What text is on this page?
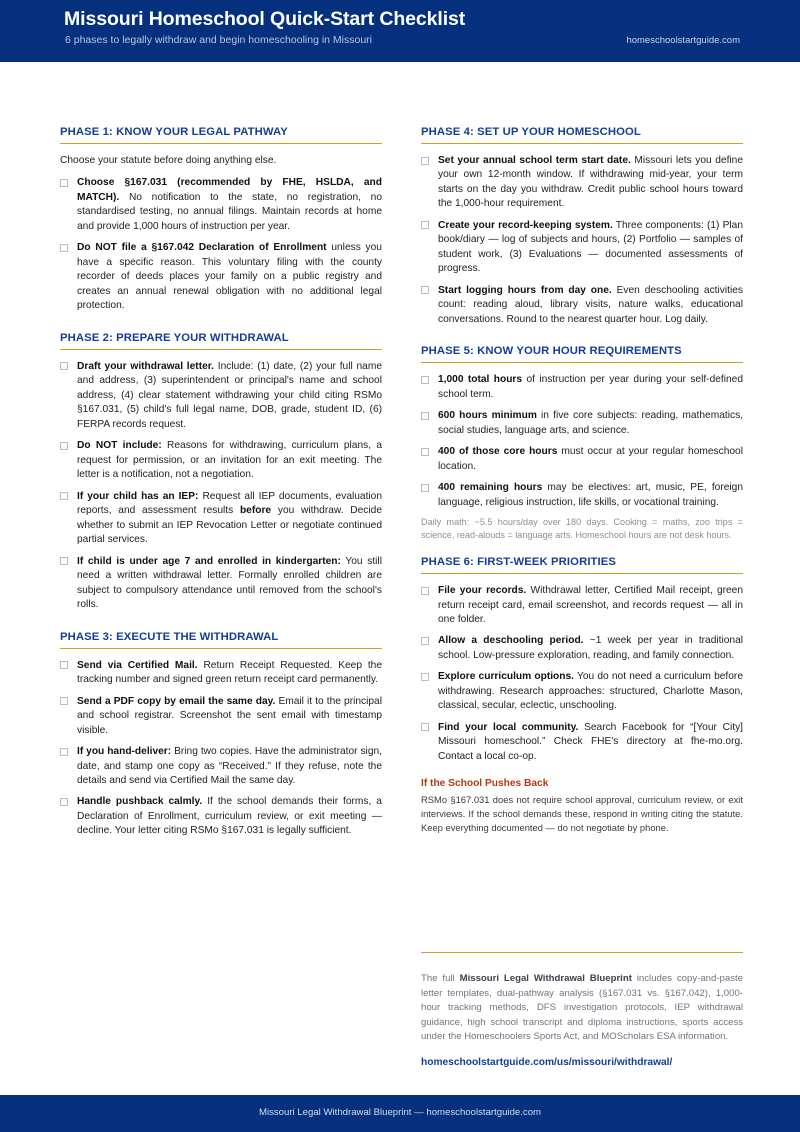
Missouri Homeschool Quick-Start Checklist
6 phases to legally withdraw and begin homeschooling in Missouri	homeschoolstartguide.com
PHASE 1: KNOW YOUR LEGAL PATHWAY

Choose your statute before doing anything else.

Choose §167.031 (recommended by FHE, HSLDA, and MATCH). No notification to the state, no registration, no standardised testing, no annual filings. Maintain records at home and provide 1,000 hours of instruction per year.
Do NOT file a §167.042 Declaration of Enrollment unless you have a specific reason. This voluntary filing with the county recorder of deeds places your family on a public registry and creates an annual renewal obligation with no additional legal protection.
PHASE 2: PREPARE YOUR WITHDRAWAL
Draft your withdrawal letter. Include: (1) date, (2) your full name and address, (3) superintendent or principal's name and school address, (4) clear statement withdrawing your child citing RSMo §167.031, (5) child's full legal name, DOB, grade, student ID, (6) FERPA records request.
Do NOT include: Reasons for withdrawing, curriculum plans, a request for permission, or an invitation for an exit meeting. The letter is a notification, not a negotiation.
If your child has an IEP: Request all IEP documents, evaluation reports, and assessment results before you withdraw. Decide whether to submit an IEP Revocation Letter or negotiate continued partial services.
If child is under age 7 and enrolled in kindergarten: You still need a written withdrawal letter. Formally enrolled children are subject to compulsory attendance until removed from the school's rolls.
PHASE 3: EXECUTE THE WITHDRAWAL
Send via Certified Mail. Return Receipt Requested. Keep the tracking number and signed green return receipt card permanently.
Send a PDF copy by email the same day. Email it to the principal and school registrar. Screenshot the sent email with timestamp visible.
If you hand-deliver: Bring two copies. Have the administrator sign, date, and stamp one copy as “Received.” If they refuse, note the details and send via Certified Mail the same day.
Handle pushback calmly. If the school demands their forms, a Declaration of Enrollment, curriculum review, or exit meeting — decline. Your letter citing RSMo §167.031 is legally sufficient.
PHASE 4: SET UP YOUR HOMESCHOOL
Set your annual school term start date. Missouri lets you define your own 12-month window. If withdrawing mid-year, your term starts on the day you withdraw. Credit public school hours toward the 1,000-hour requirement.
Create your record-keeping system. Three components: (1) Plan book/diary — log of subjects and hours, (2) Portfolio — samples of student work, (3) Evaluations — documented assessments of progress.
Start logging hours from day one. Even deschooling activities count: reading aloud, library visits, nature walks, educational conversations. Round to the nearest quarter hour. Log daily.
PHASE 5: KNOW YOUR HOUR REQUIREMENTS
1,000 total hours of instruction per year during your self-defined school term.
600 hours minimum in five core subjects: reading, mathematics, social studies, language arts, and science.
400 of those core hours must occur at your regular homeschool location.
400 remaining hours may be electives: art, music, PE, foreign language, religious instruction, life skills, or vocational training.

Daily math: ~5.5 hours/day over 180 days. Cooking = maths, zoo trips = science, read-alouds = language arts. Homeschool hours are not desk hours.

PHASE 6: FIRST-WEEK PRIORITIES
File your records. Withdrawal letter, Certified Mail receipt, green return receipt card, email screenshot, and records request — all in one folder.
Allow a deschooling period. ~1 week per year in traditional school. Low-pressure exploration, reading, and family connection.
Explore curriculum options. You do not need a curriculum before withdrawing. Research approaches: structured, Charlotte Mason, classical, secular, eclectic, unschooling.
Find your local community. Search Facebook for “[Your City] Missouri homeschool.” Check FHE's directory at fhe-mo.org. Contact a local co-op.
If the School Pushes Back

RSMo §167.031 does not require school approval, curriculum review, or exit interviews. If the school demands these, respond in writing citing the statute. Keep everything documented — do not negotiate by phone.

The full Missouri Legal Withdrawal Blueprint includes copy-and-paste letter templates, dual-pathway analysis (§167.031 vs. §167.042), 1,000-hour tracking methods, DFS investigation protocols, IEP withdrawal guidance, high school transcript and diploma instructions, sports access under the Homeschoolers Sports Act, and MOScholars ESA information.

homeschoolstartguide.com/us/missouri/withdrawal/
Missouri Legal Withdrawal Blueprint — homeschoolstartguide.com
